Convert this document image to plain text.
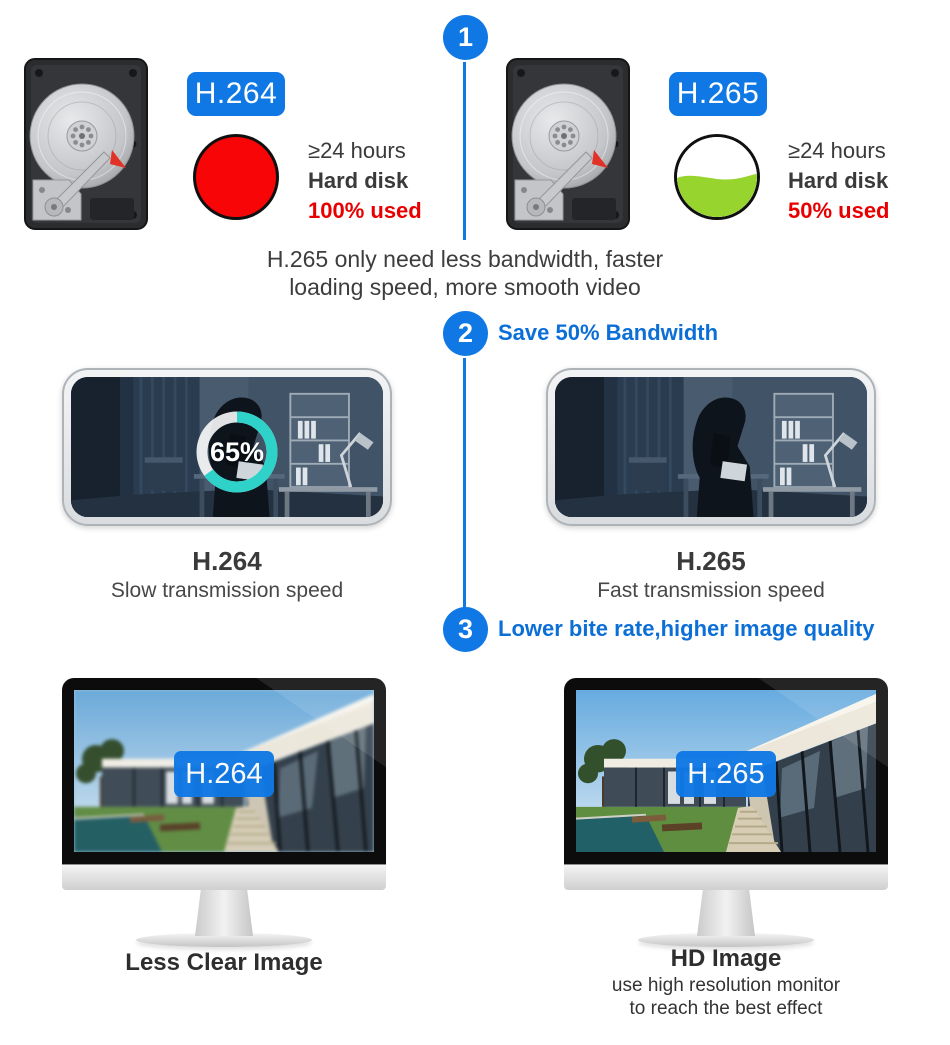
1
H.264
≥24 hours
Hard disk
100% used
H.265
≥24 hours
Hard disk
50% used
H.265 only need less bandwidth, faster
loading speed, more smooth video
2 Save 50% Bandwidth
65%
H.264
Slow transmission speed
H.265
Fast transmission speed
3 Lower bite rate,higher image quality
H.264	H.265
Less Clear Image	HD Image
use high resolution monitor
to reach the best effect
